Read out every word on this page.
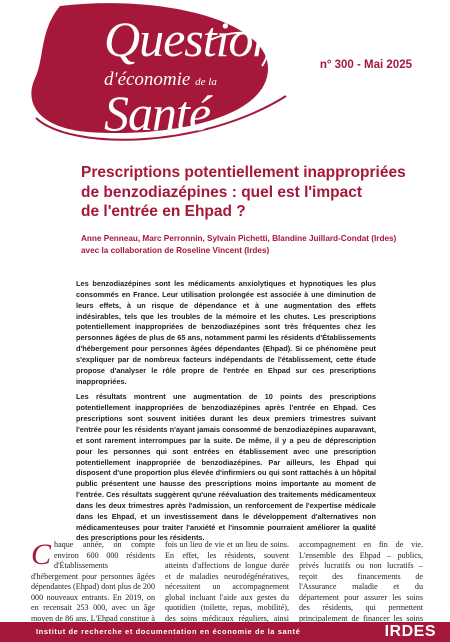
Questions
d'économie de la
Santé
n° 300 - Mai 2025
Prescriptions potentiellement inappropriées
de benzodiazépines : quel est l'impact
de l'entrée en Ehpad ?
Anne Penneau, Marc Perronnin, Sylvain Pichetti, Blandine Juillard-Condat (Irdes)
avec la collaboration de Roseline Vincent (Irdes)

Les benzodiazépines sont les médicaments anxiolytiques et hypnotiques les plus consommés en France. Leur utilisation prolongée est associée à une diminution de leurs effets, à un risque de dépendance et à une augmentation des effets indésirables, tels que les troubles de la mémoire et les chutes. Les prescriptions potentiellement inappropriées de benzodiazépines sont très fréquentes chez les personnes âgées de plus de 65 ans, notamment parmi les résidents d'Établissements d'hébergement pour personnes âgées dépendantes (Ehpad). Si ce phénomène peut s'expliquer par de nombreux facteurs indépendants de l'établissement, cette étude propose d'analyser le rôle propre de l'entrée en Ehpad sur ces prescriptions inappropriées.

Les résultats montrent une augmentation de 10 points des prescriptions potentiellement inappropriées de benzodiazépines après l'entrée en Ehpad. Ces prescriptions sont souvent initiées durant les deux premiers trimestres suivant l'entrée pour les résidents n'ayant jamais consommé de benzodiazépines auparavant, et sont rarement interrompues par la suite. De même, il y a peu de déprescription pour les personnes qui sont entrées en établissement avec une prescription potentiellement inappropriée de benzodiazépines. Par ailleurs, les Ehpad qui disposent d'une proportion plus élevée d'infirmiers ou qui sont rattachés à un hôpital public présentent une hausse des prescriptions moins importante au moment de l'entrée. Ces résultats suggèrent qu'une réévaluation des traitements médicamenteux dans les deux trimestres après l'admission, un renforcement de l'expertise médicale dans les Ehpad, et un investissement dans le développement d'alternatives non médicamenteuses pour traiter l'anxiété et l'insomnie pourraient améliorer la qualité des prescriptions pour les résidents.

Chaque année, on compte environ 600 000 résidents d'Établissements d'hébergement pour personnes âgées dépendantes (Ehpad) dont plus de 200 000 nouveaux entrants. En 2019, on en recensait 253 000, avec un âge moyen de 86 ans. L'Ehpad constitue à
fois un lieu de vie et un lieu de soins. En effet, les résidents, souvent atteints d'affections de longue durée et de maladies neurodégénératives, nécessitent un accompagnement global incluant l'aide aux gestes du quotidien (toilette, repas, mobilité), des soins médicaux réguliers, ainsi
accompagnement en fin de vie. L'ensemble des Ehpad – publics, privés lucratifs ou non lucratifs – reçoit des financements de l'Assurance maladie et du département pour assurer les soins des résidents, qui permettent principalement de financer les soins
Institut de recherche et documentation en économie de la santé	IRDES
